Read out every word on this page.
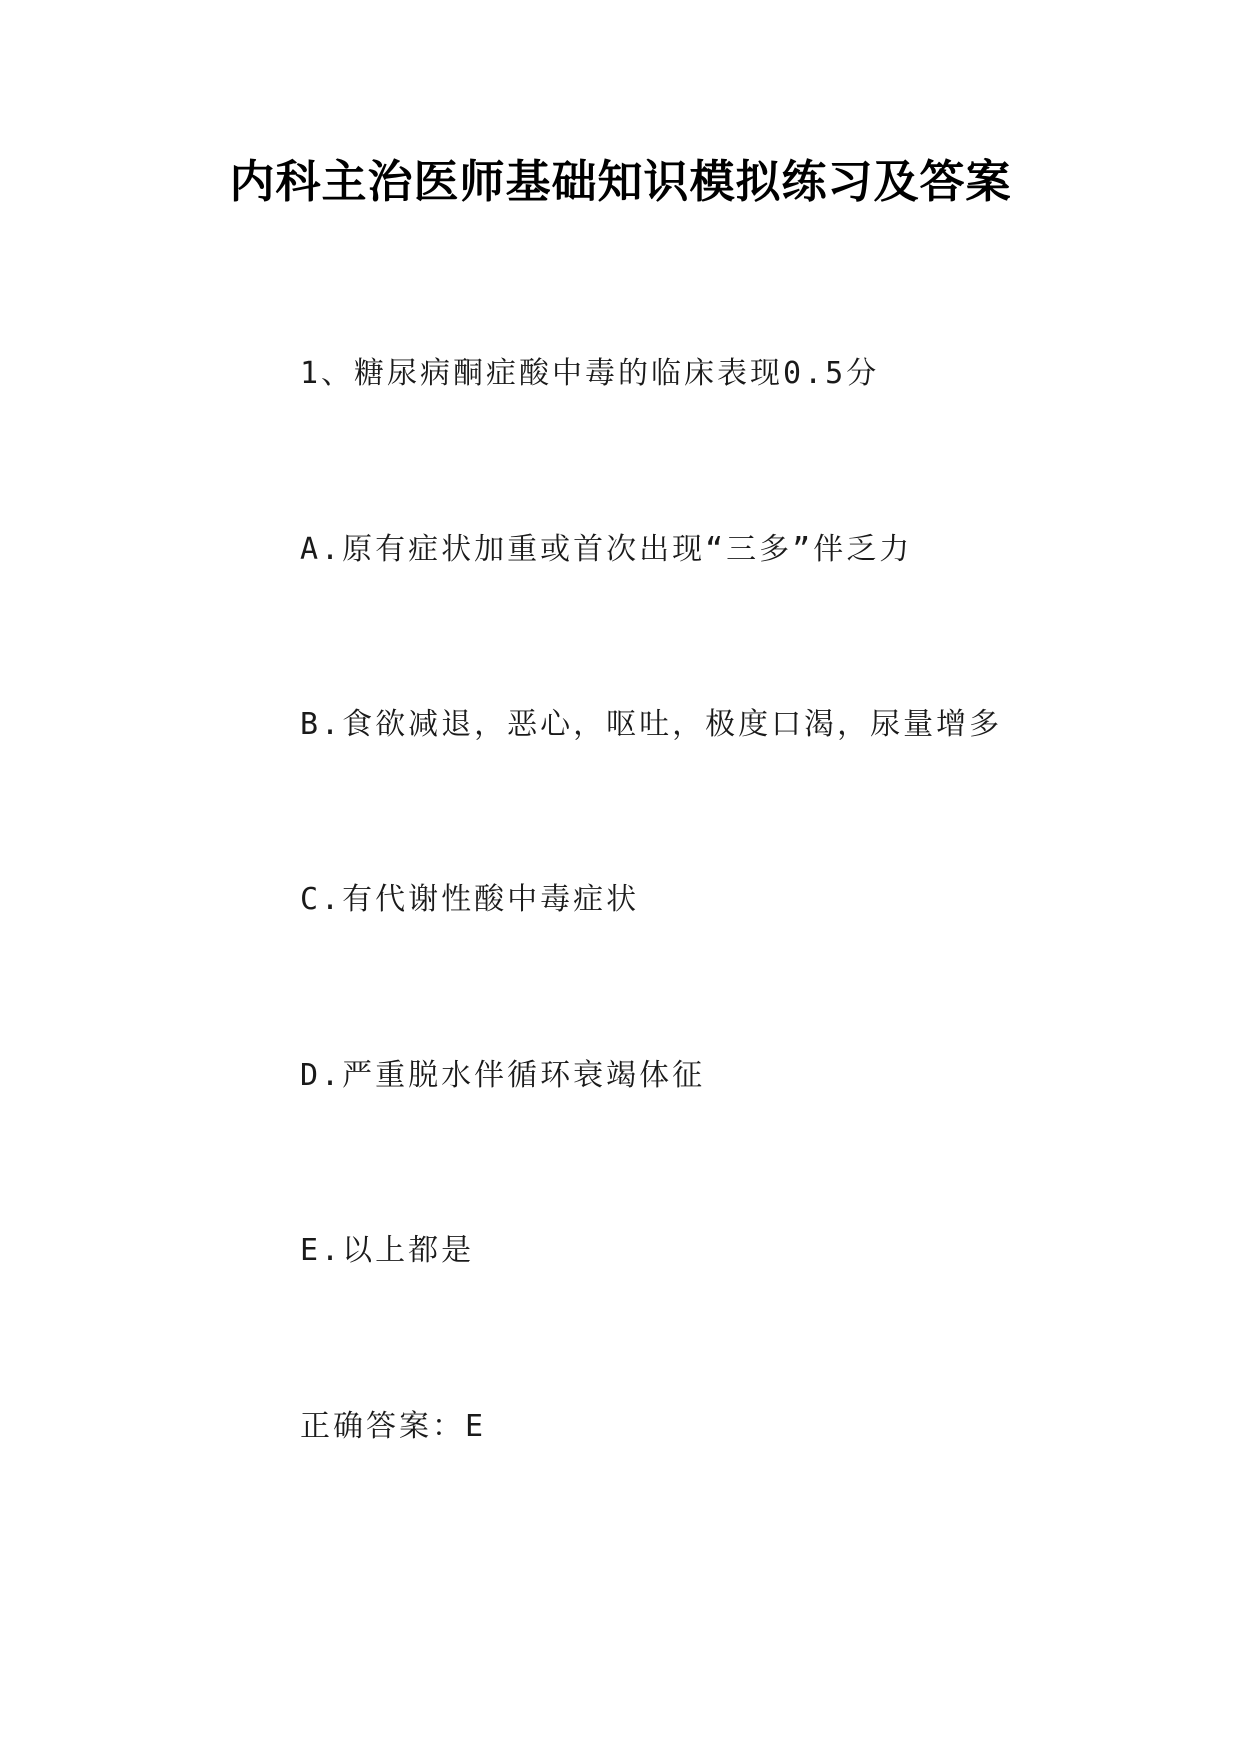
内科主治医师基础知识模拟练习及答案

1、糖尿病酮症酸中毒的临床表现0.5分

A.原有症状加重或首次出现“三多”伴乏力

B.食欲减退，恶心，呕吐，极度口渴，尿量增多

C.有代谢性酸中毒症状

D.严重脱水伴循环衰竭体征

E.以上都是

正确答案：E
